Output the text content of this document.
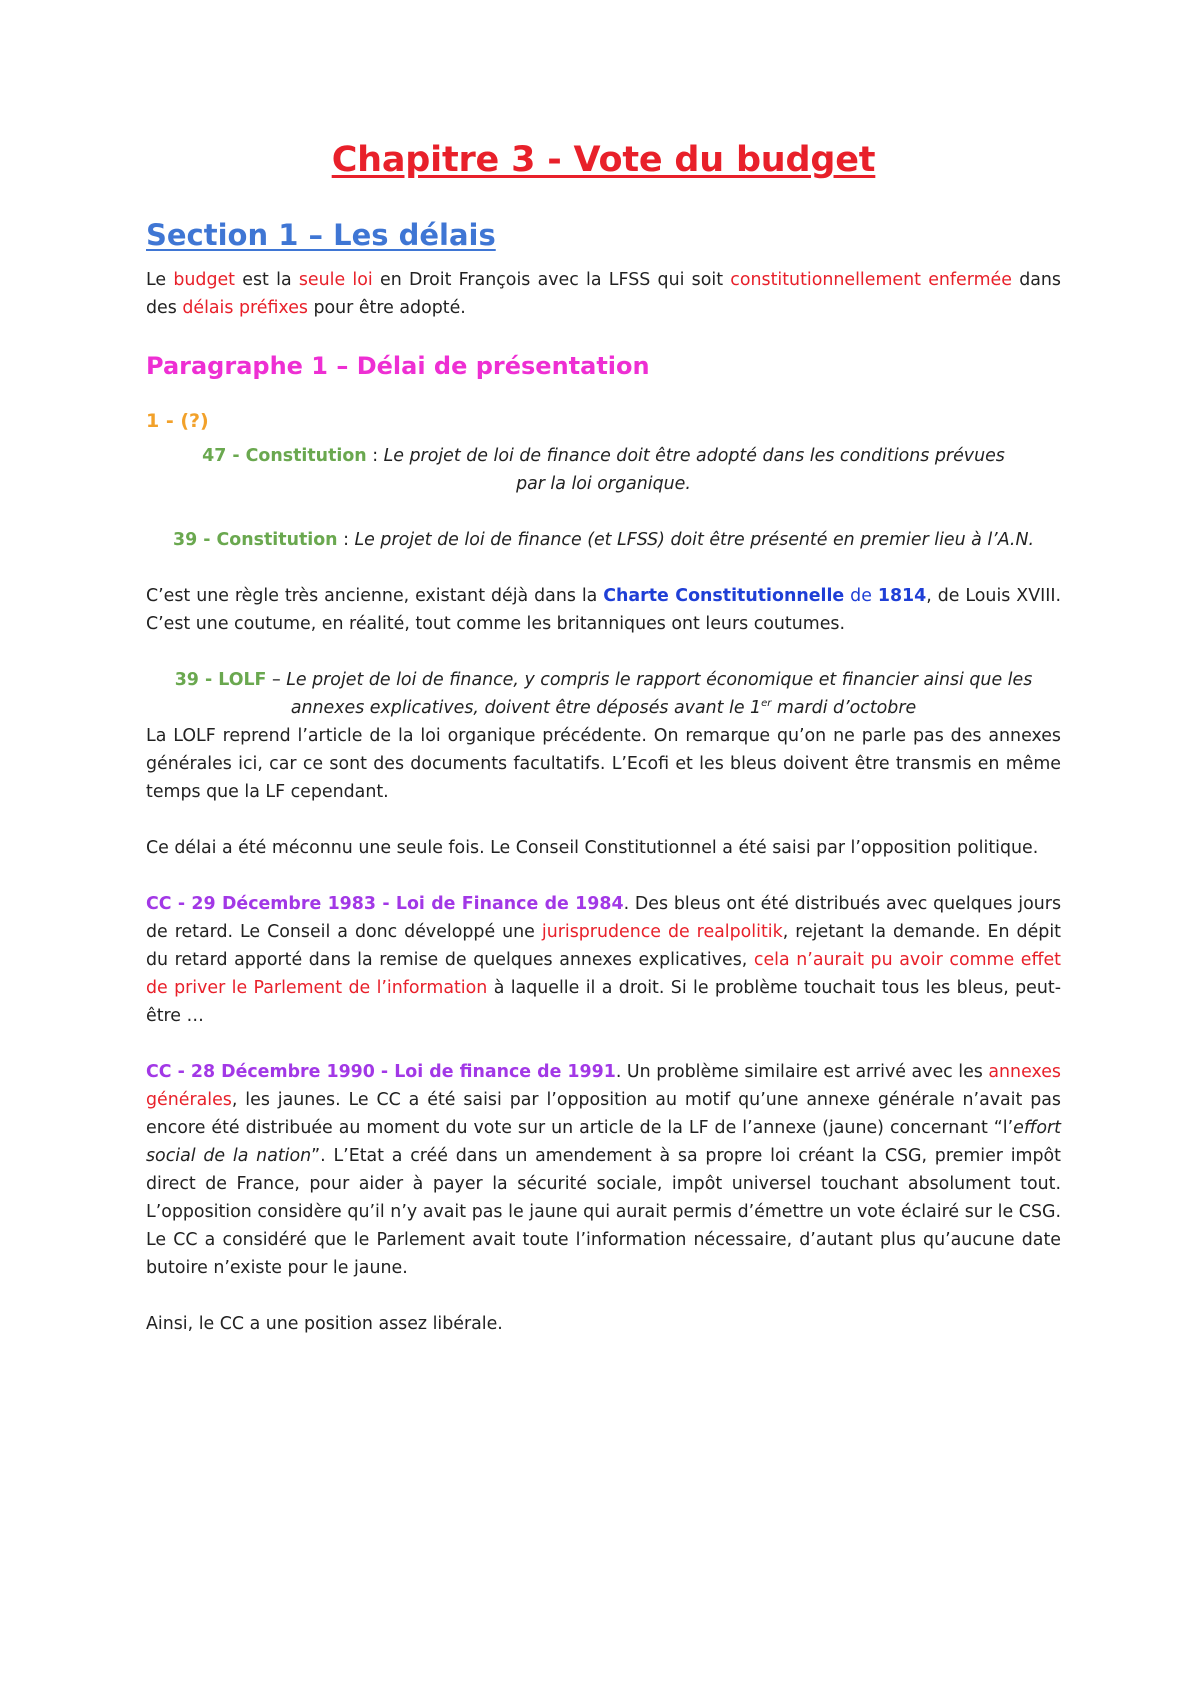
Chapitre 3 - Vote du budget
Section 1 – Les délais

Le budget est la seule loi en Droit François avec la LFSS qui soit constitutionnellement enfermée dans des délais préfixes pour être adopté.

Paragraphe 1 – Délai de présentation
1 - (?)
47 - Constitution : Le projet de loi de finance doit être adopté dans les conditions prévues par la loi organique.
39 - Constitution : Le projet de loi de finance (et LFSS) doit être présenté en premier lieu à l’A.N.

C’est une règle très ancienne, existant déjà dans la Charte Constitutionnelle de 1814, de Louis XVIII. C’est une coutume, en réalité, tout comme les britanniques ont leurs coutumes.

39 - LOLF – Le projet de loi de finance, y compris le rapport économique et financier ainsi que les annexes explicatives, doivent être déposés avant le 1er mardi d’octobre

La LOLF reprend l’article de la loi organique précédente. On remarque qu’on ne parle pas des annexes générales ici, car ce sont des documents facultatifs. L’Ecofi et les bleus doivent être transmis en même temps que la LF cependant.

Ce délai a été méconnu une seule fois. Le Conseil Constitutionnel a été saisi par l’opposition politique.

CC - 29 Décembre 1983 - Loi de Finance de 1984. Des bleus ont été distribués avec quelques jours de retard. Le Conseil a donc développé une jurisprudence de realpolitik, rejetant la demande. En dépit du retard apporté dans la remise de quelques annexes explicatives, cela n’aurait pu avoir comme effet de priver le Parlement de l’information à laquelle il a droit. Si le problème touchait tous les bleus, peut-être …

CC - 28 Décembre 1990 - Loi de finance de 1991. Un problème similaire est arrivé avec les annexes générales, les jaunes. Le CC a été saisi par l’opposition au motif qu’une annexe générale n’avait pas encore été distribuée au moment du vote sur un article de la LF de l’annexe (jaune) concernant “l’effort social de la nation”. L’Etat a créé dans un amendement à sa propre loi créant la CSG, premier impôt direct de France, pour aider à payer la sécurité sociale, impôt universel touchant absolument tout. L’opposition considère qu’il n’y avait pas le jaune qui aurait permis d’émettre un vote éclairé sur le CSG. Le CC a considéré que le Parlement avait toute l’information nécessaire, d’autant plus qu’aucune date butoire n’existe pour le jaune.

Ainsi, le CC a une position assez libérale.
